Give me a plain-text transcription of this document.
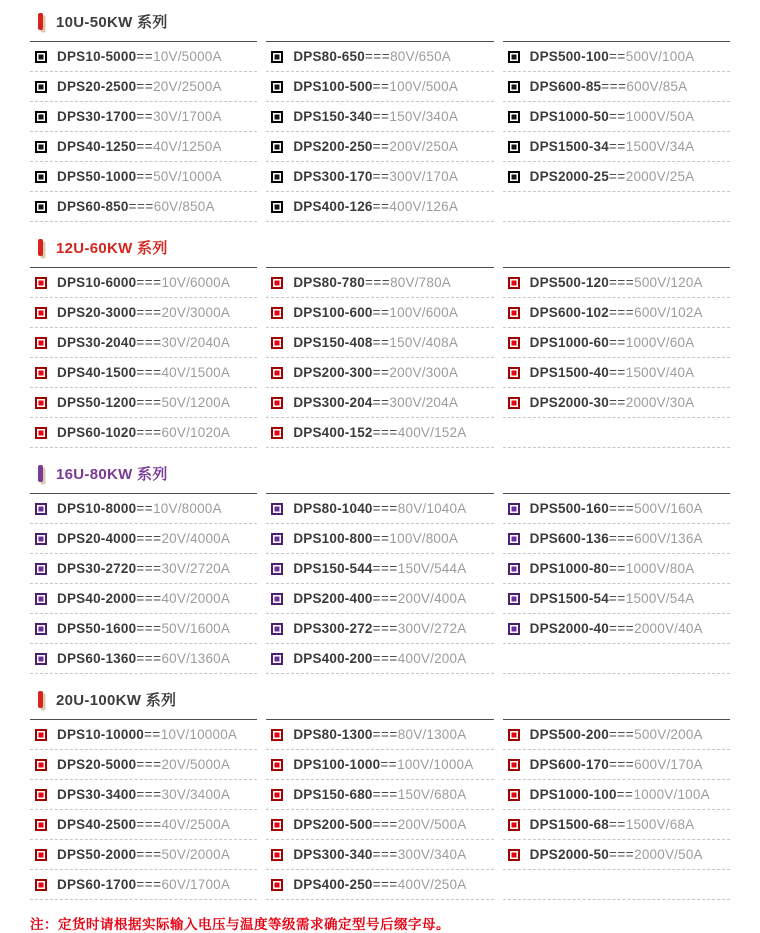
10U-50KW 系列
DPS10-5000==10V/5000A
DPS20-2500==20V/2500A
DPS30-1700==30V/1700A
DPS40-1250==40V/1250A
DPS50-1000==50V/1000A
DPS60-850===60V/850A
DPS80-650===80V/650A
DPS100-500==100V/500A
DPS150-340==150V/340A
DPS200-250==200V/250A
DPS300-170==300V/170A
DPS400-126==400V/126A
DPS500-100==500V/100A
DPS600-85===600V/85A
DPS1000-50==1000V/50A
DPS1500-34==1500V/34A
DPS2000-25==2000V/25A
12U-60KW 系列
DPS10-6000===10V/6000A
DPS20-3000===20V/3000A
DPS30-2040===30V/2040A
DPS40-1500===40V/1500A
DPS50-1200===50V/1200A
DPS60-1020===60V/1020A
DPS80-780===80V/780A
DPS100-600==100V/600A
DPS150-408==150V/408A
DPS200-300==200V/300A
DPS300-204==300V/204A
DPS400-152===400V/152A
DPS500-120===500V/120A
DPS600-102===600V/102A
DPS1000-60==1000V/60A
DPS1500-40==1500V/40A
DPS2000-30==2000V/30A
16U-80KW 系列
DPS10-8000==10V/8000A
DPS20-4000===20V/4000A
DPS30-2720===30V/2720A
DPS40-2000===40V/2000A
DPS50-1600===50V/1600A
DPS60-1360===60V/1360A
DPS80-1040===80V/1040A
DPS100-800==100V/800A
DPS150-544===150V/544A
DPS200-400===200V/400A
DPS300-272===300V/272A
DPS400-200===400V/200A
DPS500-160===500V/160A
DPS600-136===600V/136A
DPS1000-80==1000V/80A
DPS1500-54==1500V/54A
DPS2000-40===2000V/40A
20U-100KW 系列
DPS10-10000==10V/10000A
DPS20-5000===20V/5000A
DPS30-3400===30V/3400A
DPS40-2500===40V/2500A
DPS50-2000===50V/2000A
DPS60-1700===60V/1700A
DPS80-1300===80V/1300A
DPS100-1000==100V/1000A
DPS150-680===150V/680A
DPS200-500===200V/500A
DPS300-340===300V/340A
DPS400-250===400V/250A
DPS500-200===500V/200A
DPS600-170===600V/170A
DPS1000-100==1000V/100A
DPS1500-68==1500V/68A
DPS2000-50===2000V/50A
注：定货时请根据实际输入电压与温度等级需求确定型号后缀字母。
